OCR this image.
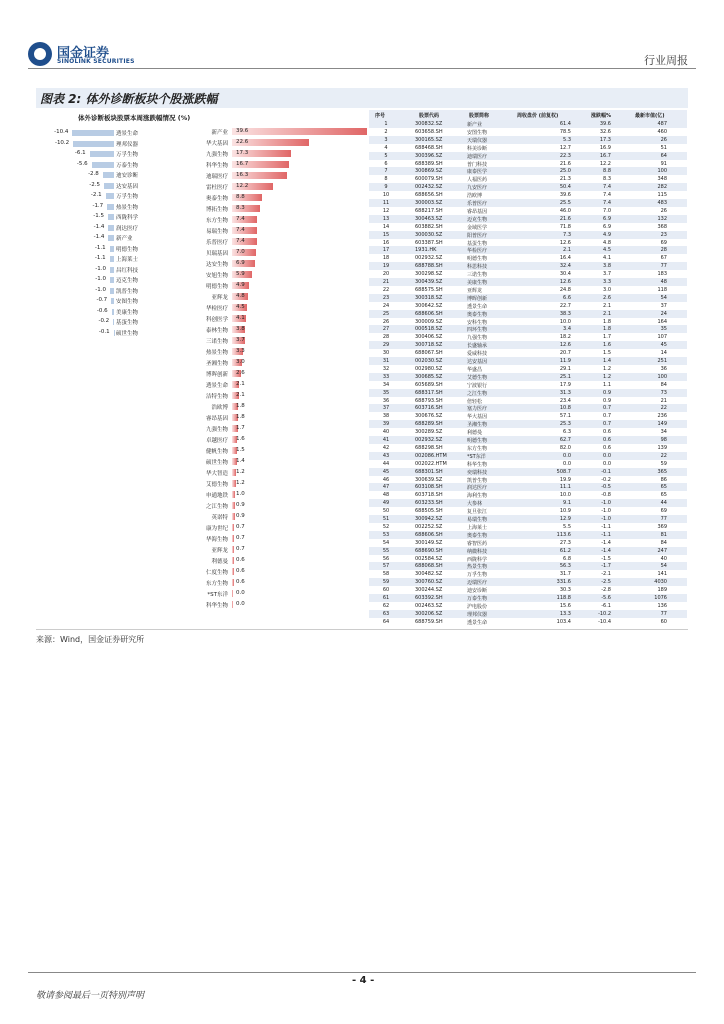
国金证券
SINOLINK SECURITIES	行业周报
图表 2: 体外诊断板块个股涨跌幅
体外诊断板块股票本周涨跌幅情况 (%)	序号	股票代码	股票简称	周收盘价 (前复权)	涨跌幅%	最新市值(亿)
-10.4	透景生命
-10.2	理邦仪器
-6.1	万孚生物
-5.6	万泰生物
-2.8	迪安诊断
-2.5	达安基因
-2.1	万孚生物
-1.7 热景生物
-1.5 西陇科学
-1.4 润达医疗
-1.4 新产业
-1.1 明德生物
-1.1 上海莱士
-1.0 昌红科技
-1.0 迈克生物
-1.0 凯普生物
-0.7 安图生物
-0.6 美康生物
-0.2 基蛋生物
-0.1 硕世生物
新产业 39.6
华大基因 22.6
九强生物 17.3
科华生物 16.7
迪瑞医疗 16.3
雷杜医疗 12.2
奥泰生物 8.8
博拓生物 8.3
东方生物 7.4
易瑞生物 7.4
乐普医疗 7.4
贝瑞基因 7.0
达安生物 6.9
安旭生物 5.9
明德生物 4.9
亚辉龙 4.8
华检医疗 4.5
科创医学 4.1
泰林生物 3.8
三诺生物 3.7
热景生物 3.3
圣湘生物 3.0
博晖创新 2.6
透景生命 2.1
洁特生物 2.1
浩欧博 1.8
睿昂基因 1.8
九强生物 1.7
卓越医疗 1.6
健帆生物 1.5
硕世生物 1.4
华大智造 1.2
艾德生物 1.2
申通地铁 1.0
之江生物 0.9
英诺特 0.9
康为世纪 0.7
华海生物 0.7
亚辉龙 0.7
利德曼 0.6
仁度生物 0.6
东方生物 0.6
*ST东洋 0.0
科华生物 0.0
1	300832.SZ	新产业	61.4	39.6	487
2	603658.SH	安图生物	78.5	32.6	460
3	300165.SZ	天瑞仪器	5.3	17.3	26
4	688468.SH	科美诊断	12.7	16.9	51
5	300396.SZ	迪瑞医疗	22.3	16.7	64
6	688389.SH	普门科技	21.6	12.2	91
7	300869.SZ	康泰医学	25.0	8.8	100
8	600079.SH	人福医药	21.3	8.3	348
9	002432.SZ	九安医疗	50.4	7.4	282
10	688656.SH	浩欧博	39.6	7.4	115
11	300003.SZ	乐普医疗	25.5	7.4	483
12	688217.SH	睿昂基因	46.0	7.0	26
13	300463.SZ	迈克生物	21.6	6.9	132
14	603882.SH	金域医学	71.8	6.9	368
15	300030.SZ	阳普医疗	7.3	4.9	23
16	603387.SH	基蛋生物	12.6	4.8	69
17	1931.HK	华检医疗	2.1	4.5	28
18	002932.SZ	明德生物	16.4	4.1	67
19	688788.SH	科思科技	32.4	3.8	77
20	300298.SZ	三诺生物	30.4	3.7	183
21	300439.SZ	美康生物	12.6	3.3	48
22	688575.SH	亚辉龙	24.8	3.0	118
23	300318.SZ	博晖创新	6.6	2.6	54
24	300642.SZ	透景生命	22.7	2.1	37
25	688606.SH	奥泰生物	38.3	2.1	24
26	300009.SZ	安科生物	10.0	1.8	164
27	000518.SZ	四环生物	3.4	1.8	35
28	300406.SZ	九强生物	18.2	1.7	107
29	300718.SZ	长盛轴承	12.6	1.6	45
30	688067.SH	爱威科技	20.7	1.5	14
31	002030.SZ	达安基因	11.9	1.4	251
32	002980.SZ	华盛昌	29.1	1.2	36
33	300685.SZ	艾德生物	25.1	1.2	100
34	605689.SH	宁波银行	17.9	1.1	84
35	688317.SH	之江生物	31.3	0.9	73
36	688793.SH	倍轻松	23.4	0.9	21
37	603716.SH	塞力医疗	10.8	0.7	22
38	300676.SZ	华大基因	57.1	0.7	236
39	688289.SH	圣湘生物	25.3	0.7	149
40	300289.SZ	利德曼	6.3	0.6	34
41	002932.SZ	明德生物	62.7	0.6	98
42	688298.SH	东方生物	82.0	0.6	139
43	002086.HTM	*ST东洋	0.0	0.0	22
44	002022.HTM	科华生物	0.0	0.0	59
45	688301.SH	奕瑞科技	508.7	-0.1	365
46	300639.SZ	凯普生物	19.9	-0.2	86
47	603108.SH	润达医疗	11.1	-0.5	65
48	603718.SH	海利生物	10.0	-0.8	65
49	603233.SH	大参林	9.1	-1.0	44
50	688505.SH	复旦张江	10.9	-1.0	69
51	300942.SZ	易瑞生物	12.9	-1.0	77
52	002252.SZ	上海莱士	5.5	-1.1	369
53	688606.SH	奥泰生物	113.6	-1.1	81
54	300149.SZ	睿智医药	27.3	-1.4	84
55	688690.SH	纳微科技	61.2	-1.4	247
56	002584.SZ	西陇科学	6.8	-1.5	40
57	688068.SH	热景生物	56.3	-1.7	54
58	300482.SZ	万孚生物	31.7	-2.1	141
59	300760.SZ	迈瑞医疗	331.6	-2.5	4030
60	300244.SZ	迪安诊断	30.3	-2.8	189
61	603392.SH	万泰生物	118.8	-5.6	1076
62	002463.SZ	沪电股份	15.6	-6.1	136
63	300206.SZ	理邦仪器	13.3	-10.2	77
64	688759.SH	透景生命	103.4	-10.4	60
来源：Wind，国金证券研究所
- 4 -
敬请参阅最后一页特别声明
